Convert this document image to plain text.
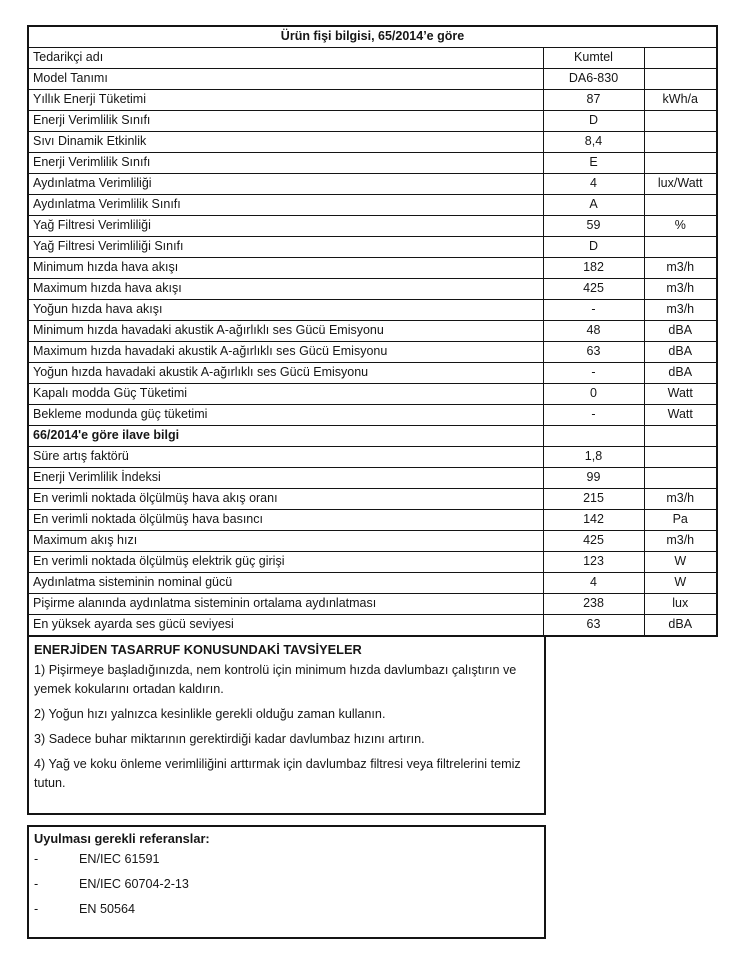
Ürün fişi bilgisi, 65/2014’e göre		
Tedarikçi adı	Kumtel	
Model Tanımı	DA6-830	
Yıllık Enerji Tüketimi	87	kWh/a
Enerji Verimlilik Sınıfı	D	
Sıvı Dinamik Etkinlik	8,4	
Enerji Verimlilik Sınıfı	E	
Aydınlatma Verimliliği	4	lux/Watt
Aydınlatma Verimlilik Sınıfı	A	
Yağ Filtresi Verimliliği	59	%
Yağ Filtresi Verimliliği Sınıfı	D	
Minimum hızda hava akışı	182	m3/h
Maximum hızda hava akışı	425	m3/h
Yoğun hızda hava akışı	-	m3/h
Minimum hızda havadaki akustik A-ağırlıklı ses Gücü Emisyonu	48	dBA
Maximum hızda havadaki akustik A-ağırlıklı ses Gücü Emisyonu	63	dBA
Yoğun hızda havadaki akustik A-ağırlıklı ses Gücü Emisyonu	-	dBA
Kapalı modda Güç Tüketimi	0	Watt
Bekleme modunda güç tüketimi	-	Watt
66/2014'e göre ilave bilgi		
Süre artış faktörü	1,8	
Enerji Verimlilik İndeksi	99	
En verimli noktada ölçülmüş hava akış oranı	215	m3/h
En verimli noktada ölçülmüş hava basıncı	142	Pa
Maximum akış hızı	425	m3/h
En verimli noktada ölçülmüş elektrik güç girişi	123	W
Aydınlatma sisteminin nominal gücü	4	W
Pişirme alanında aydınlatma sisteminin ortalama aydınlatması	238	lux
En yüksek ayarda ses gücü seviyesi	63	dBA
ENERJİDEN TASARRUF KONUSUNDAKİ TAVSİYELER

1) Pişirmeye başladığınızda, nem kontrolü için minimum hızda davlumbazı çalıştırın ve yemek kokularını ortadan kaldırın.

2) Yoğun hızı yalnızca kesinlikle gerekli olduğu zaman kullanın.

3) Sadece buhar miktarının gerektirdiği kadar davlumbaz hızını artırın.

4) Yağ ve koku önleme verimliliğini arttırmak için davlumbaz filtresi veya filtrelerini temiz tutun.

Uyulması gerekli referanslar:
-	EN/IEC 61591
-	EN/IEC 60704-2-13
-	EN 50564
